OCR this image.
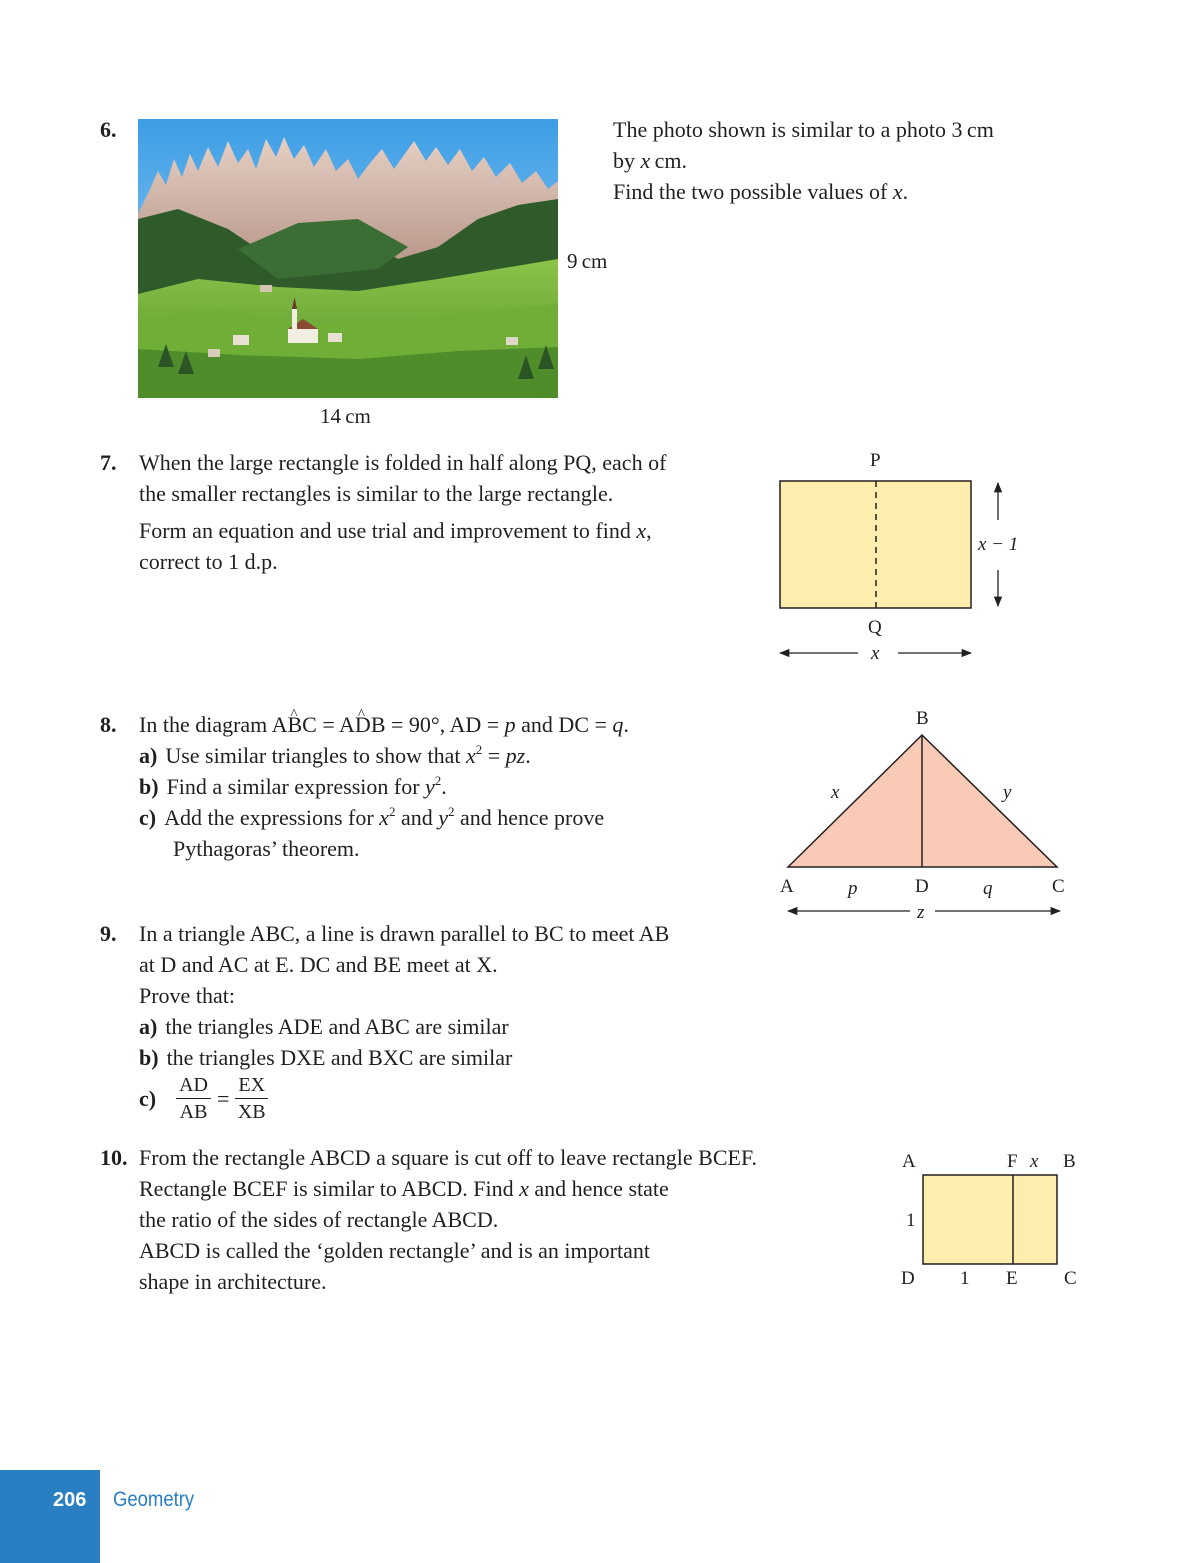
6.
9 cm
14 cm
The photo shown is similar to a photo 3 cm
by x cm.
Find the two possible values of x.
7. When the large rectangle is folded in half along PQ, each of
the smaller rectangles is similar to the large rectangle.
Form an equation and use trial and improvement to find x,
correct to 1 d.p.
P
Q
x
x − 1
8. In the diagram A^ BC = A^ DB = 90°, AD = p and DC = q.
a) Use similar triangles to show that $x^2$ = pz.
b) Find a similar expression for $y^2$.
c) Add the expressions for $x^2$ and $y^2$ and hence prove
Pythagoras’ theorem.
B
A	D	C
x	y
p	q
z
9. In a triangle ABC, a line is drawn parallel to BC to meet AB
at D and AC at E. DC and BE meet at X.
Prove that:
a) the triangles ADE and ABC are similar
b) the triangles DXE and BXC are similar
$c) \frac{AD}{AB} = \frac{EX}{XB}$
10. From the rectangle ABCD a square is cut off to leave rectangle BCEF.
Rectangle BCEF is similar to ABCD. Find x and hence state
the ratio of the sides of rectangle ABCD.
ABCD is called the ‘golden rectangle’ and is an important
shape in architecture.
A	F x B
1
D 1 E C
206 Geometry
